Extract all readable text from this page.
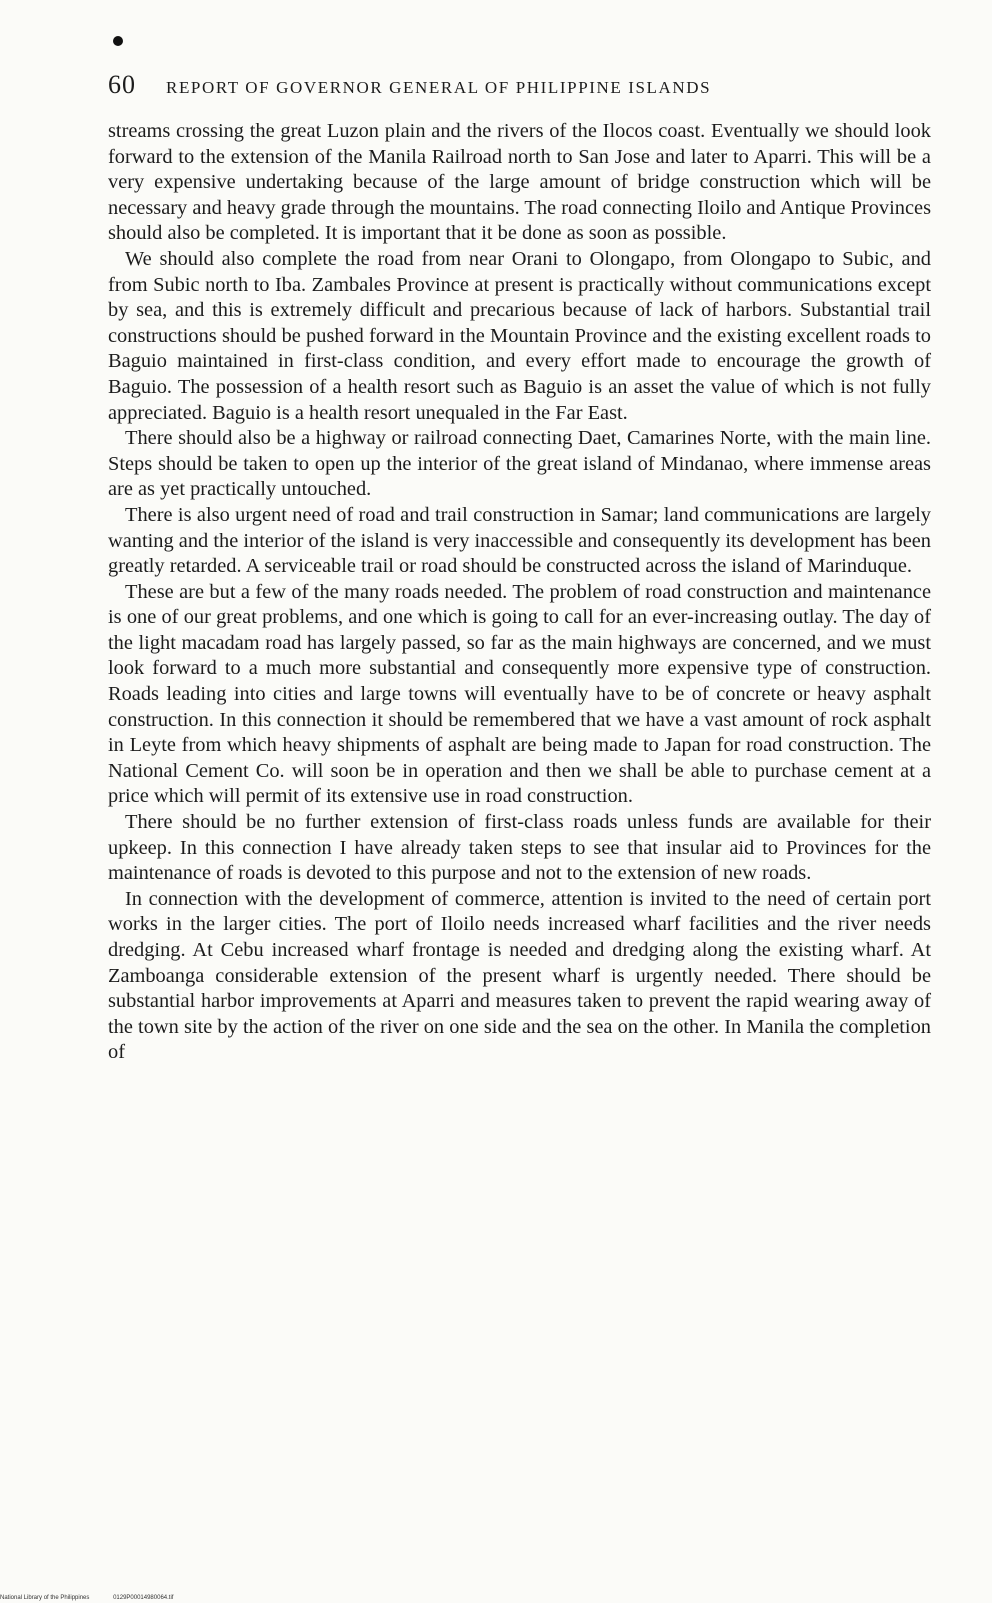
60 REPORT OF GOVERNOR GENERAL OF PHILIPPINE ISLANDS

streams crossing the great Luzon plain and the rivers of the Ilocos coast. Eventually we should look forward to the extension of the Manila Railroad north to San Jose and later to Aparri. This will be a very expensive undertaking because of the large amount of bridge construction which will be necessary and heavy grade through the mountains. The road connecting Iloilo and Antique Provinces should also be completed. It is important that it be done as soon as possible.

We should also complete the road from near Orani to Olongapo, from Olongapo to Subic, and from Subic north to Iba. Zambales Province at present is practically without communications except by sea, and this is extremely difficult and precarious because of lack of harbors. Substantial trail constructions should be pushed forward in the Mountain Province and the existing excellent roads to Baguio maintained in first-class condition, and every effort made to encourage the growth of Baguio. The possession of a health resort such as Baguio is an asset the value of which is not fully appreciated. Baguio is a health resort unequaled in the Far East.

There should also be a highway or railroad connecting Daet, Camarines Norte, with the main line. Steps should be taken to open up the interior of the great island of Mindanao, where immense areas are as yet practically untouched.

There is also urgent need of road and trail construction in Samar; land communications are largely wanting and the interior of the island is very inaccessible and consequently its development has been greatly retarded. A serviceable trail or road should be constructed across the island of Marinduque.

These are but a few of the many roads needed. The problem of road construction and maintenance is one of our great problems, and one which is going to call for an ever-increasing outlay. The day of the light macadam road has largely passed, so far as the main highways are concerned, and we must look forward to a much more substantial and consequently more expensive type of construction. Roads leading into cities and large towns will eventually have to be of concrete or heavy asphalt construction. In this connection it should be remembered that we have a vast amount of rock asphalt in Leyte from which heavy shipments of asphalt are being made to Japan for road construction. The National Cement Co. will soon be in operation and then we shall be able to purchase cement at a price which will permit of its extensive use in road construction.

There should be no further extension of first-class roads unless funds are available for their upkeep. In this connection I have already taken steps to see that insular aid to Provinces for the maintenance of roads is devoted to this purpose and not to the extension of new roads.

In connection with the development of commerce, attention is invited to the need of certain port works in the larger cities. The port of Iloilo needs increased wharf facilities and the river needs dredging. At Cebu increased wharf frontage is needed and dredging along the existing wharf. At Zamboanga considerable extension of the present wharf is urgently needed. There should be substantial harbor improvements at Aparri and measures taken to prevent the rapid wearing away of the town site by the action of the river on one side and the sea on the other. In Manila the completion of

National Library of the Philippines	0129P00014980064.tif
